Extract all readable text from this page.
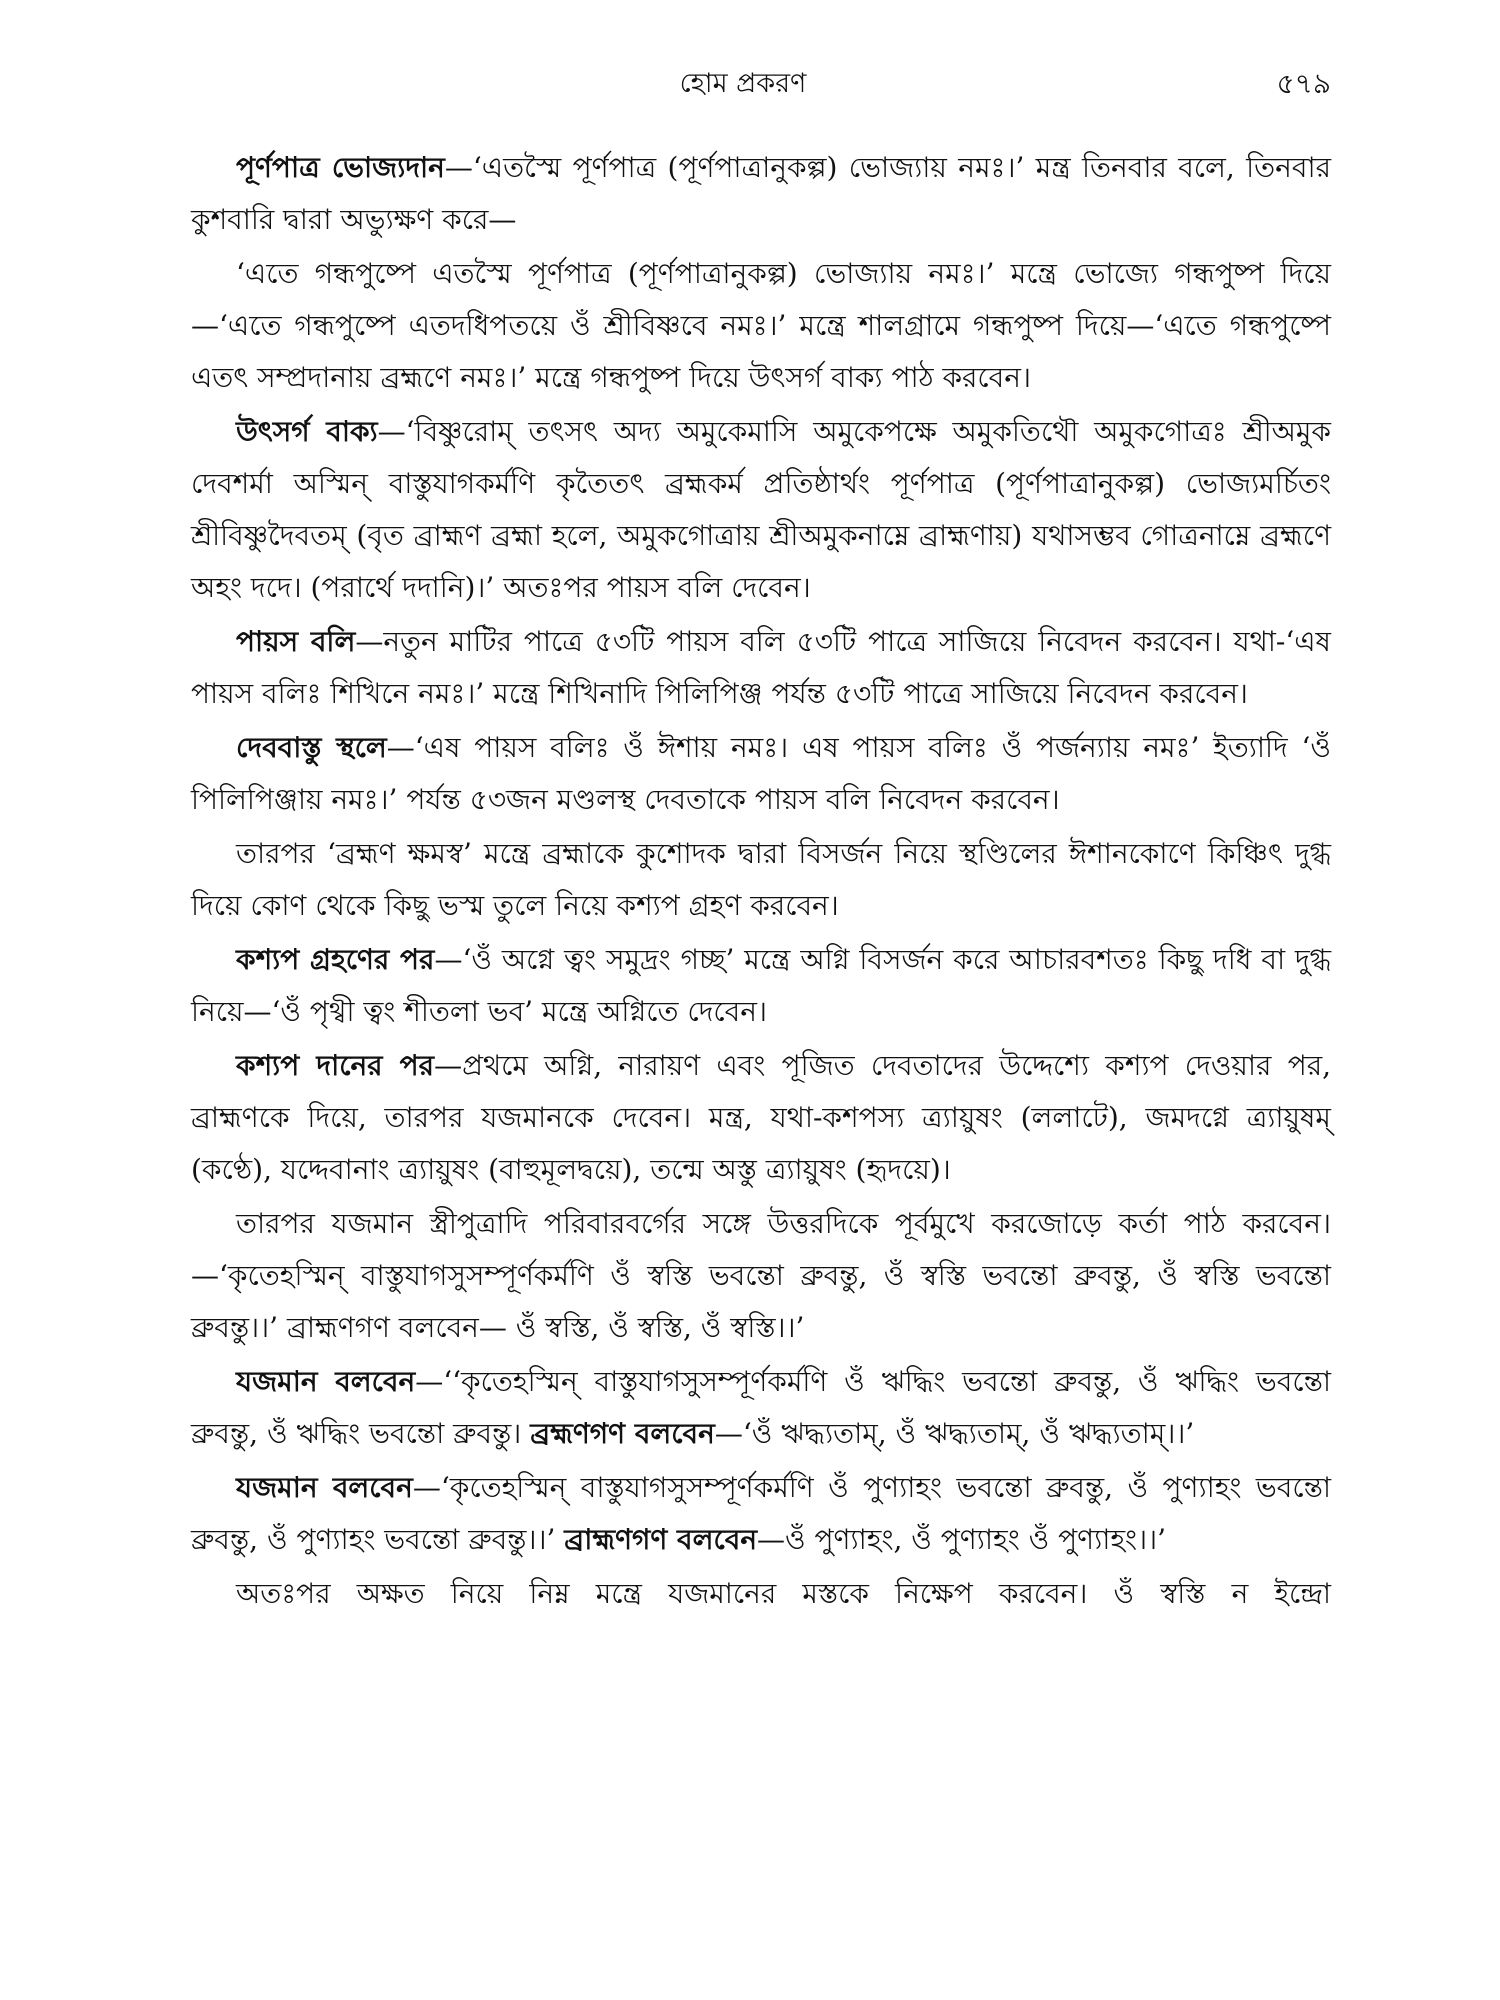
হোম প্রকরণ	৫৭৯

পূর্ণপাত্র ভোজ্যদান—‘এতস্মৈ পূর্ণপাত্র (পূর্ণপাত্রানুকল্প) ভোজ্যায় নমঃ।’ মন্ত্র তিনবার বলে, তিনবার কুশবারি দ্বারা অভ্যুক্ষণ করে—

‘এতে গন্ধপুষ্পে এতস্মৈ পূর্ণপাত্র (পূর্ণপাত্রানুকল্প) ভোজ্যায় নমঃ।’ মন্ত্রে ভোজ্যে গন্ধপুষ্প দিয়ে—‘এতে গন্ধপুষ্পে এতদধিপতয়ে ওঁ শ্রীবিষ্ণবে নমঃ।’ মন্ত্রে শালগ্রামে গন্ধপুষ্প দিয়ে—‘এতে গন্ধপুষ্পে এতৎ সম্প্রদানায় ব্রহ্মণে নমঃ।’ মন্ত্রে গন্ধপুষ্প দিয়ে উৎসর্গ বাক্য পাঠ করবেন।

উৎসর্গ বাক্য—‘বিষ্ণুরোম্ তৎসৎ অদ্য অমুকেমাসি অমুকেপক্ষে অমুকতিথৌ অমুকগোত্রঃ শ্রীঅমুক দেবশর্মা অস্মিন্ বাস্তুযাগকর্মণি কৃতৈতৎ ব্রহ্মকর্ম প্রতিষ্ঠার্থং পূর্ণপাত্র (পূর্ণপাত্রানুকল্প) ভোজ্যমর্চিতং শ্রীবিষ্ণুদৈবতম্ (বৃত ব্রাহ্মণ ব্রহ্মা হলে, অমুকগোত্রায় শ্রীঅমুকনাম্নে ব্রাহ্মণায়) যথাসম্ভব গোত্রনাম্নে ব্রহ্মণে অহং দদে। (পরার্থে দদানি)।’ অতঃপর পায়স বলি দেবেন।

পায়স বলি—নতুন মাটির পাত্রে ৫৩টি পায়স বলি ৫৩টি পাত্রে সাজিয়ে নিবেদন করবেন। যথা-‘এষ পায়স বলিঃ শিখিনে নমঃ।’ মন্ত্রে শিখিনাদি পিলিপিঞ্জ পর্যন্ত ৫৩টি পাত্রে সাজিয়ে নিবেদন করবেন।

দেববাস্তু স্থলে—‘এষ পায়স বলিঃ ওঁ ঈশায় নমঃ। এষ পায়স বলিঃ ওঁ পর্জন্যায় নমঃ’ ইত্যাদি ‘ওঁ পিলিপিঞ্জায় নমঃ।’ পর্যন্ত ৫৩জন মণ্ডলস্থ দেবতাকে পায়স বলি নিবেদন করবেন।

তারপর ‘ব্রহ্মণ ক্ষমস্ব’ মন্ত্রে ব্রহ্মাকে কুশোদক দ্বারা বিসর্জন নিয়ে স্থণ্ডিলের ঈশানকোণে কিঞ্চিৎ দুগ্ধ দিয়ে কোণ থেকে কিছু ভস্ম তুলে নিয়ে কশ্যপ গ্রহণ করবেন।

কশ্যপ গ্রহণের পর—‘ওঁ অগ্নে ত্বং সমুদ্রং গচ্ছ’ মন্ত্রে অগ্নি বিসর্জন করে আচারবশতঃ কিছু দধি বা দুগ্ধ নিয়ে—‘ওঁ পৃথ্বী ত্বং শীতলা ভব’ মন্ত্রে অগ্নিতে দেবেন।

কশ্যপ দানের পর—প্রথমে অগ্নি, নারায়ণ এবং পূজিত দেবতাদের উদ্দেশ্যে কশ্যপ দেওয়ার পর, ব্রাহ্মণকে দিয়ে, তারপর যজমানকে দেবেন। মন্ত্র, যথা-কশপস্য ত্র্যায়ুষং (ললাটে), জমদগ্নে ত্র্যায়ুষম্ (কণ্ঠে), যদ্দেবানাং ত্র্যায়ুষং (বাহুমূলদ্বয়ে), তন্মে অস্তু ত্র্যায়ুষং (হৃদয়ে)।

তারপর যজমান স্ত্রীপুত্রাদি পরিবারবর্গের সঙ্গে উত্তরদিকে পূর্বমুখে করজোড়ে কর্তা পাঠ করবেন।—‘কৃতেহস্মিন্ বাস্তুযাগসুসম্পূর্ণকর্মণি ওঁ স্বস্তি ভবন্তো ব্রুবন্তু, ওঁ স্বস্তি ভবন্তো ব্রুবন্তু, ওঁ স্বস্তি ভবন্তো ব্রুবন্তু।।’ ব্রাহ্মণগণ বলবেন— ওঁ স্বস্তি, ওঁ স্বস্তি, ওঁ স্বস্তি।।’

যজমান বলবেন—‘‘কৃতেহস্মিন্ বাস্তুযাগসুসম্পূর্ণকর্মণি ওঁ ঋদ্ধিং ভবন্তো ব্রুবন্তু, ওঁ ঋদ্ধিং ভবন্তো ব্রুবন্তু, ওঁ ঋদ্ধিং ভবন্তো ব্রুবন্তু। ব্রহ্মণগণ বলবেন—‘ওঁ ঋদ্ধ্যতাম্, ওঁ ঋদ্ধ্যতাম্, ওঁ ঋদ্ধ্যতাম্।।’

যজমান বলবেন—‘কৃতেহস্মিন্ বাস্তুযাগসুসম্পূর্ণকর্মণি ওঁ পুণ্যাহং ভবন্তো ব্রুবন্তু, ওঁ পুণ্যাহং ভবন্তো ব্রুবন্তু, ওঁ পুণ্যাহং ভবন্তো ব্রুবন্তু।।’ ব্রাহ্মণগণ বলবেন—ওঁ পুণ্যাহং, ওঁ পুণ্যাহং ওঁ পুণ্যাহং।।’

অতঃপর অক্ষত নিয়ে নিম্ন মন্ত্রে যজমানের মস্তকে নিক্ষেপ করবেন। ওঁ স্বস্তি ন ইন্দ্রো
